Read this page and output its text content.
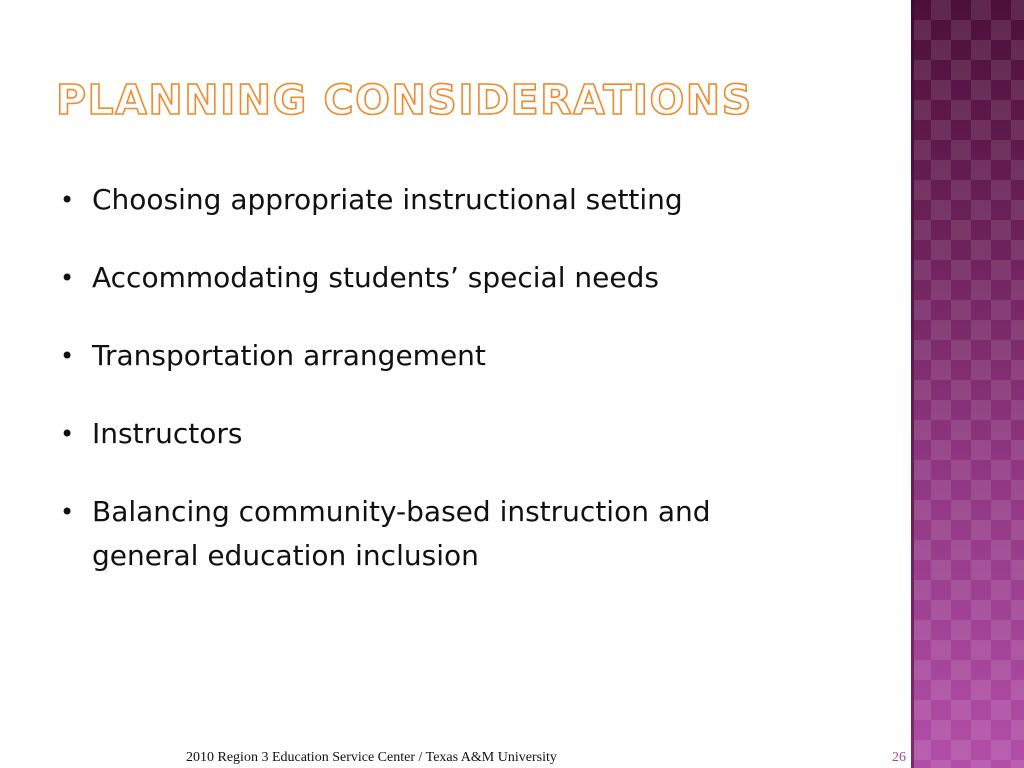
PLANNING CONSIDERATIONS
• Choosing appropriate instructional setting
• Accommodating students’ special needs
• Transportation arrangement
• Instructors
• Balancing community-based instruction and general education inclusion
2010 Region 3 Education Service Center / Texas A&M University	26
